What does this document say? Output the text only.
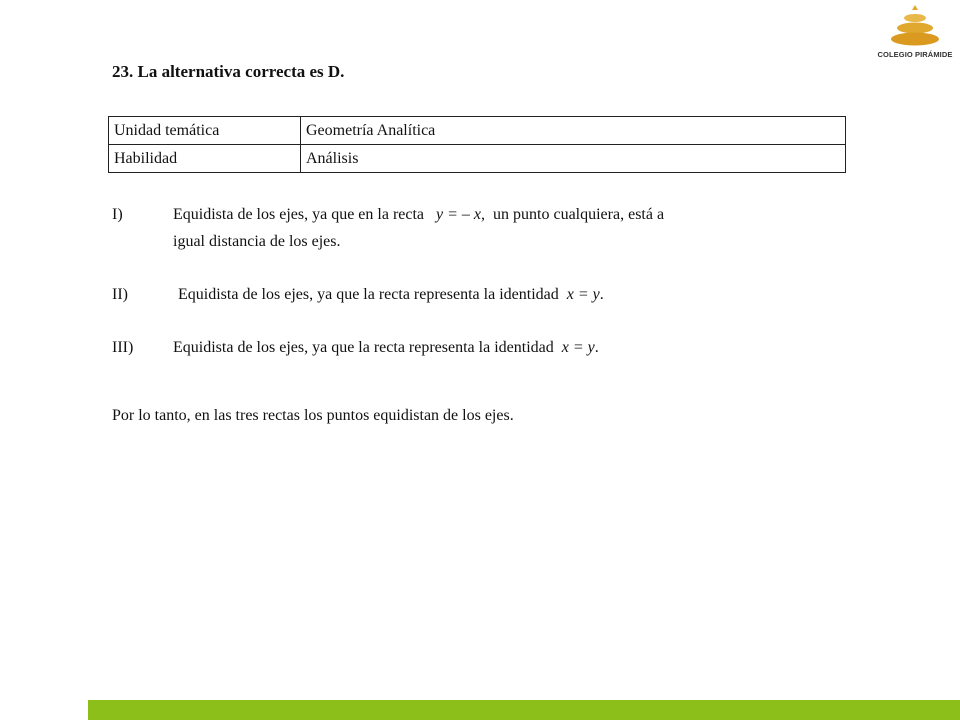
COLEGIO PIRÁMIDE
23. La alternativa correcta es D.
Unidad temática	Geometría Analítica
Habilidad	Análisis
I)	Equidista de los ejes, ya que en la recta y = – x, un punto cualquiera, está a
igual distancia de los ejes.
II)	Equidista de los ejes, ya que la recta representa la identidad x = y.
III) Equidista de los ejes, ya que la recta representa la identidad x = y.

Por lo tanto, en las tres rectas los puntos equidistan de los ejes.
